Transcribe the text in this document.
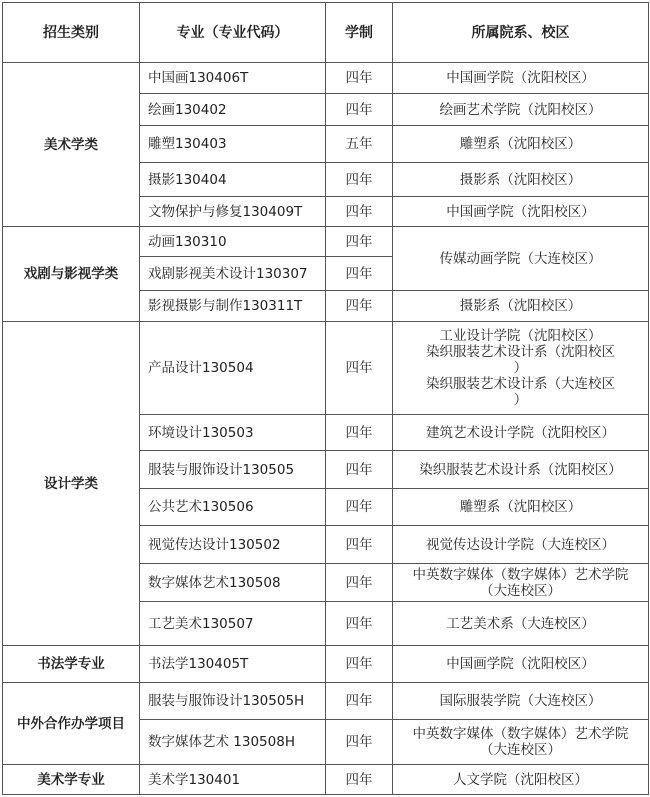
招生类别	专业（专业代码）	学制	所属院系、校区
美术学类	中国画130406T	四年	中国画学院（沈阳校区）
	绘画130402	四年	绘画艺术学院（沈阳校区）
	雕塑130403	五年	雕塑系（沈阳校区）
	摄影130404	四年	摄影系（沈阳校区）
	文物保护与修复130409T	四年	中国画学院（沈阳校区）
戏剧与影视学类	动画130310	四年	传媒动画学院（大连校区）
	戏剧影视美术设计130307	四年	
	影视摄影与制作130311T	四年	摄影系（沈阳校区）
设计学类	产品设计130504	四年	工业设计学院（沈阳校区）
染织服装艺术设计系（沈阳校区
）
染织服装艺术设计系（大连校区
）

	环境设计130503	四年	建筑艺术设计学院（沈阳校区）
	服装与服饰设计130505	四年	染织服装艺术设计系（沈阳校区）
	公共艺术130506	四年	雕塑系（沈阳校区）
	视觉传达设计130502	四年	视觉传达设计学院（大连校区）
	数字媒体艺术130508	四年	中英数字媒体（数字媒体）艺术学院
（大连校区）

	工艺美术130507	四年	工艺美术系（大连校区）
书法学专业	书法学130405T	四年	中国画学院（沈阳校区）
中外合作办学项目	服装与服饰设计130505H	四年	国际服装学院（大连校区）
	数字媒体艺术 130508H	四年	中英数字媒体（数字媒体）艺术学院
（大连校区）

美术学专业	美术学130401	四年	人文学院（沈阳校区）
